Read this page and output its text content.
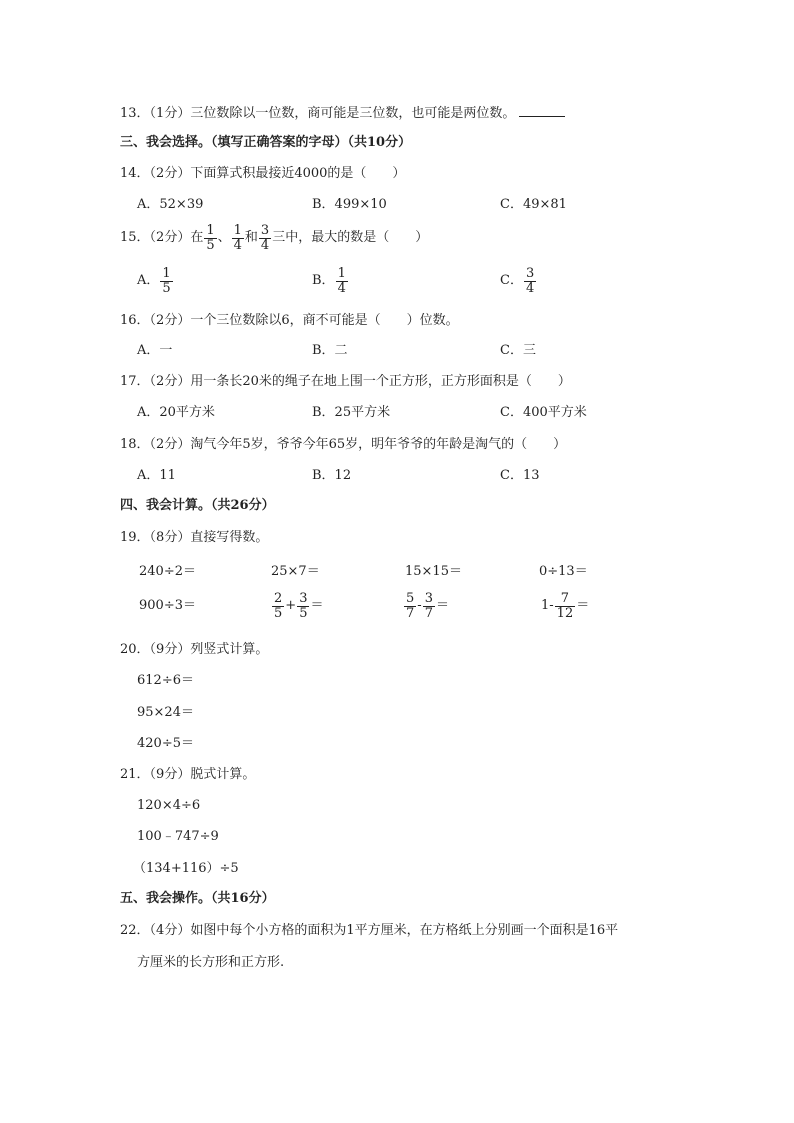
13．（1分）三位数除以一位数，商可能是三位数，也可能是两位数。
三、我会选择。（填写正确答案的字母）（共10分）
14．（2分）下面算式积最接近4000的是（　　）
A．52×39	B．499×10	C．49×81
15．（2分）在 $\frac{1}{5}$ 、 $\frac{1}{4}$ 和 $\frac{3}{4}$ 三中，最大的数是（　　）
A． $\frac{1}{5}$	B． $\frac{1}{4}$	C． $\frac{3}{4}$
16．（2分）一个三位数除以6，商不可能是（　　）位数。
A．一	B．二	C．三
17．（2分）用一条长20米的绳子在地上围一个正方形，正方形面积是（　　）
A．20平方米	B．25平方米	C．400平方米
18．（2分）淘气今年5岁，爷爷今年65岁，明年爷爷的年龄是淘气的（　　）
A．11	B．12	C．13
四、我会计算。（共26分）
19．（8分）直接写得数。
240÷2＝	25×7＝	15×15＝	0÷13＝
900÷3＝	$\frac{2}{5} + \frac{3}{5}$ ＝	$\frac{5}{7} - \frac{3}{7}$ ＝	$1- \frac{7}{12}$ ＝
20．（9分）列竖式计算。
612÷6＝
95×24＝
420÷5＝
21．（9分）脱式计算。
120×4÷6
100﹣747÷9
（134+116）÷5
五、我会操作。（共16分）
22．（4分）如图中每个小方格的面积为1平方厘米，在方格纸上分别画一个面积是16平
方厘米的长方形和正方形.
